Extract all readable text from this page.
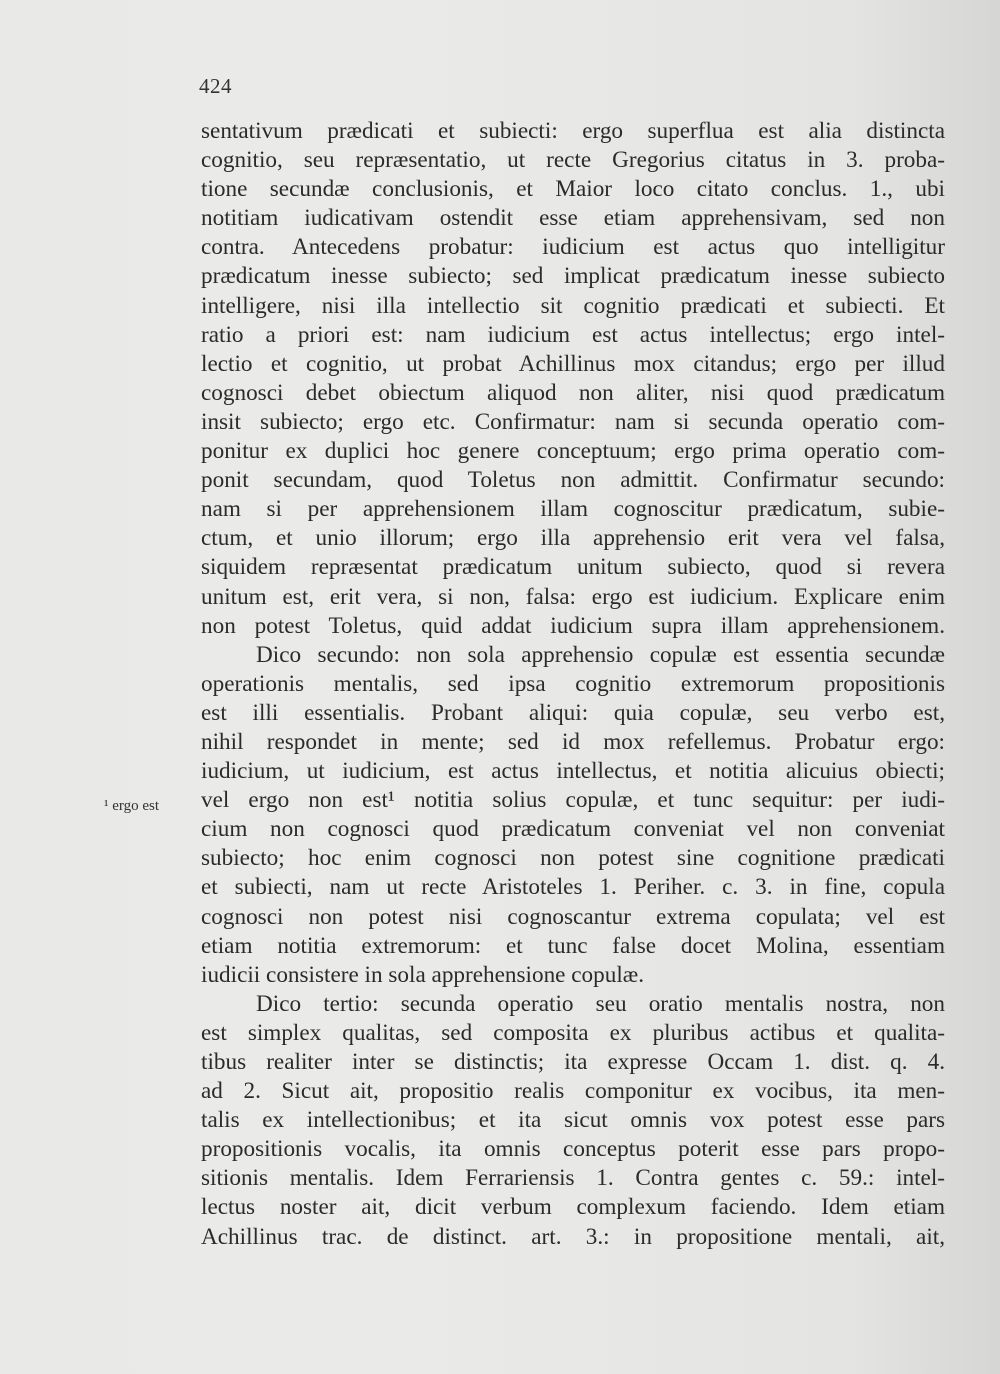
424
¹ ergo est
sentativum prædicati et subiecti: ergo superflua est alia distincta
cognitio, seu repræsentatio, ut recte Gregorius citatus in 3. proba-
tione secundæ conclusionis, et Maior loco citato conclus. 1., ubi
notitiam iudicativam ostendit esse etiam apprehensivam, sed non
contra. Antecedens probatur: iudicium est actus quo intelligitur
prædicatum inesse subiecto; sed implicat prædicatum inesse subiecto
intelligere, nisi illa intellectio sit cognitio prædicati et subiecti. Et
ratio a priori est: nam iudicium est actus intellectus; ergo intel-
lectio et cognitio, ut probat Achillinus mox citandus; ergo per illud
cognosci debet obiectum aliquod non aliter, nisi quod prædicatum
insit subiecto; ergo etc. Confirmatur: nam si secunda operatio com-
ponitur ex duplici hoc genere conceptuum; ergo prima operatio com-
ponit secundam, quod Toletus non admittit. Confirmatur secundo:
nam si per apprehensionem illam cognoscitur prædicatum, subie-
ctum, et unio illorum; ergo illa apprehensio erit vera vel falsa,
siquidem repræsentat prædicatum unitum subiecto, quod si revera
unitum est, erit vera, si non, falsa: ergo est iudicium. Explicare enim
non potest Toletus, quid addat iudicium supra illam apprehensionem.
Dico secundo: non sola apprehensio copulæ est essentia secundæ
operationis mentalis, sed ipsa cognitio extremorum propositionis
est illi essentialis. Probant aliqui: quia copulæ, seu verbo est,
nihil respondet in mente; sed id mox refellemus. Probatur ergo:
iudicium, ut iudicium, est actus intellectus, et notitia alicuius obiecti;
vel ergo non est¹ notitia solius copulæ, et tunc sequitur: per iudi-
cium non cognosci quod prædicatum conveniat vel non conveniat
subiecto; hoc enim cognosci non potest sine cognitione prædicati
et subiecti, nam ut recte Aristoteles 1. Periher. c. 3. in fine, copula
cognosci non potest nisi cognoscantur extrema copulata; vel est
etiam notitia extremorum: et tunc false docet Molina, essentiam
iudicii consistere in sola apprehensione copulæ.
Dico tertio: secunda operatio seu oratio mentalis nostra, non
est simplex qualitas, sed composita ex pluribus actibus et qualita-
tibus realiter inter se distinctis; ita expresse Occam 1. dist. q. 4.
ad 2. Sicut ait, propositio realis componitur ex vocibus, ita men-
talis ex intellectionibus; et ita sicut omnis vox potest esse pars
propositionis vocalis, ita omnis conceptus poterit esse pars propo-
sitionis mentalis. Idem Ferrariensis 1. Contra gentes c. 59.: intel-
lectus noster ait, dicit verbum complexum faciendo. Idem etiam
Achillinus trac. de distinct. art. 3.: in propositione mentali, ait,
